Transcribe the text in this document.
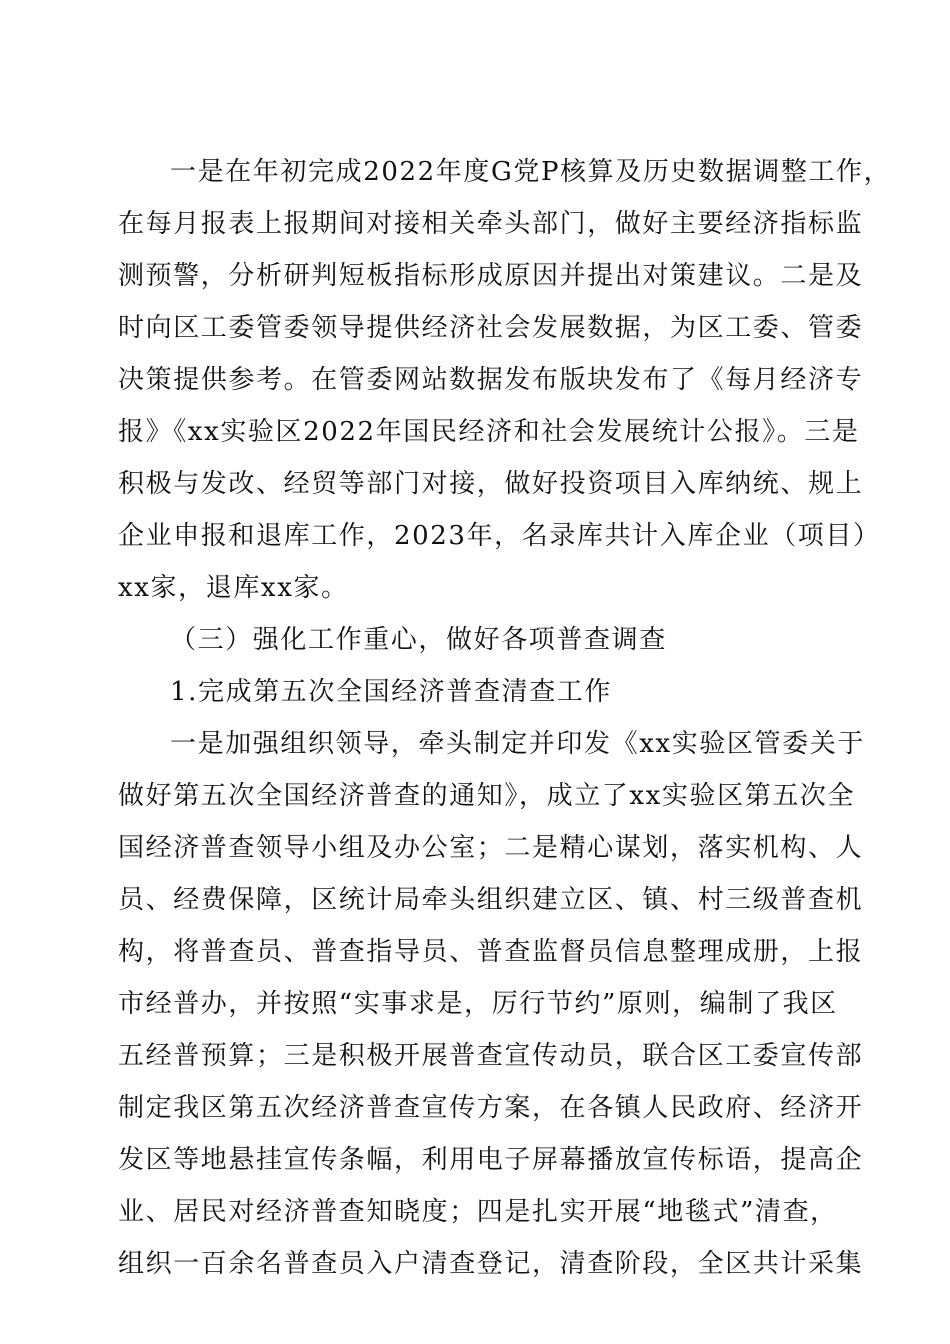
一是在年初完成2022年度G党P核算及历史数据调整工作，
在每月报表上报期间对接相关牵头部门，做好主要经济指标监
测预警，分析研判短板指标形成原因并提出对策建议。二是及
时向区工委管委领导提供经济社会发展数据，为区工委、管委
决策提供参考。在管委网站数据发布版块发布了《每月经济专
报》《xx实验区2022年国民经济和社会发展统计公报》。三是
积极与发改、经贸等部门对接，做好投资项目入库纳统、规上
企业申报和退库工作，2023年，名录库共计入库企业（项目）
xx家，退库xx家。
（三）强化工作重心，做好各项普查调查
1.完成第五次全国经济普查清查工作
一是加强组织领导，牵头制定并印发《xx实验区管委关于
做好第五次全国经济普查的通知》，成立了xx实验区第五次全
国经济普查领导小组及办公室；二是精心谋划，落实机构、人
员、经费保障，区统计局牵头组织建立区、镇、村三级普查机
构，将普查员、普查指导员、普查监督员信息整理成册，上报
市经普办，并按照“实事求是，厉行节约”原则，编制了我区
五经普预算；三是积极开展普查宣传动员，联合区工委宣传部
制定我区第五次经济普查宣传方案，在各镇人民政府、经济开
发区等地悬挂宣传条幅，利用电子屏幕播放宣传标语，提高企
业、居民对经济普查知晓度；四是扎实开展“地毯式”清查，
组织一百余名普查员入户清查登记，清查阶段，全区共计采集
